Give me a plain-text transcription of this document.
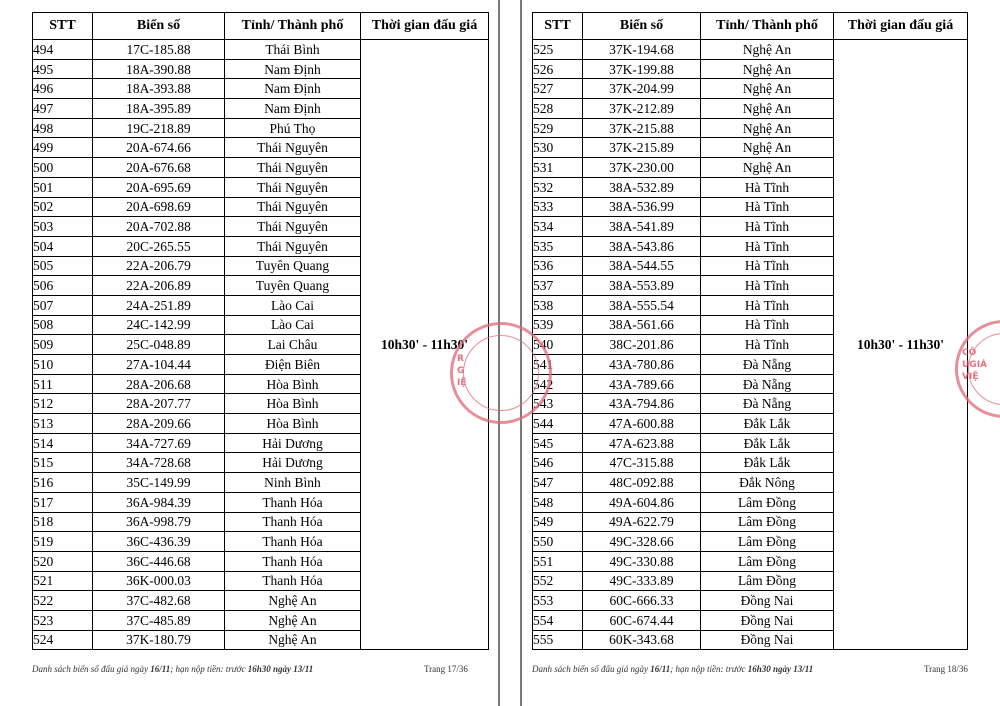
STT	Biển số	Tỉnh/ Thành phố	Thời gian đấu giá
494	17C-185.88	Thái Bình	10h30' - 11h30'
495	18A-390.88	Nam Định	
496	18A-393.88	Nam Định	
497	18A-395.89	Nam Định	
498	19C-218.89	Phú Thọ	
499	20A-674.66	Thái Nguyên	
500	20A-676.68	Thái Nguyên	
501	20A-695.69	Thái Nguyên	
502	20A-698.69	Thái Nguyên	
503	20A-702.88	Thái Nguyên	
504	20C-265.55	Thái Nguyên	
505	22A-206.79	Tuyên Quang	
506	22A-206.89	Tuyên Quang	
507	24A-251.89	Lào Cai	
508	24C-142.99	Lào Cai	
509	25C-048.89	Lai Châu	
510	27A-104.44	Điện Biên	
511	28A-206.68	Hòa Bình	
512	28A-207.77	Hòa Bình	
513	28A-209.66	Hòa Bình	
514	34A-727.69	Hải Dương	
515	34A-728.68	Hải Dương	
516	35C-149.99	Ninh Bình	
517	36A-984.39	Thanh Hóa	
518	36A-998.79	Thanh Hóa	
519	36C-436.39	Thanh Hóa	
520	36C-446.68	Thanh Hóa	
521	36K-000.03	Thanh Hóa	
522	37C-482.68	Nghệ An	
523	37C-485.89	Nghệ An	
524	37K-180.79	Nghệ An	
Danh sách biển số đấu giá ngày 16/11; hạn nộp tiền: trước 16h30 ngày 13/11	Trang 17/36
STT	Biển số	Tỉnh/ Thành phố	Thời gian đấu giá
525	37K-194.68	Nghệ An	10h30' - 11h30'
526	37K-199.88	Nghệ An	
527	37K-204.99	Nghệ An	
528	37K-212.89	Nghệ An	
529	37K-215.88	Nghệ An	
530	37K-215.89	Nghệ An	
531	37K-230.00	Nghệ An	
532	38A-532.89	Hà Tĩnh	
533	38A-536.99	Hà Tĩnh	
534	38A-541.89	Hà Tĩnh	
535	38A-543.86	Hà Tĩnh	
536	38A-544.55	Hà Tĩnh	
537	38A-553.89	Hà Tĩnh	
538	38A-555.54	Hà Tĩnh	
539	38A-561.66	Hà Tĩnh	
540	38C-201.86	Hà Tĩnh	
541	43A-780.86	Đà Nẵng	
542	43A-789.66	Đà Nẵng	
543	43A-794.86	Đà Nẵng	
544	47A-600.88	Đắk Lắk	
545	47A-623.88	Đắk Lắk	
546	47C-315.88	Đắk Lắk	
547	48C-092.88	Đắk Nông	
548	49A-604.86	Lâm Đồng	
549	49A-622.79	Lâm Đồng	
550	49C-328.66	Lâm Đồng	
551	49C-330.88	Lâm Đồng	
552	49C-333.89	Lâm Đồng	
553	60C-666.33	Đồng Nai	
554	60C-674.44	Đồng Nai	
555	60K-343.68	Đồng Nai	
Danh sách biển số đấu giá ngày 16/11; hạn nộp tiền: trước 16h30 ngày 13/11	Trang 18/36
R
G
IỆ
CÔ
UGIÁ
VIỆ
